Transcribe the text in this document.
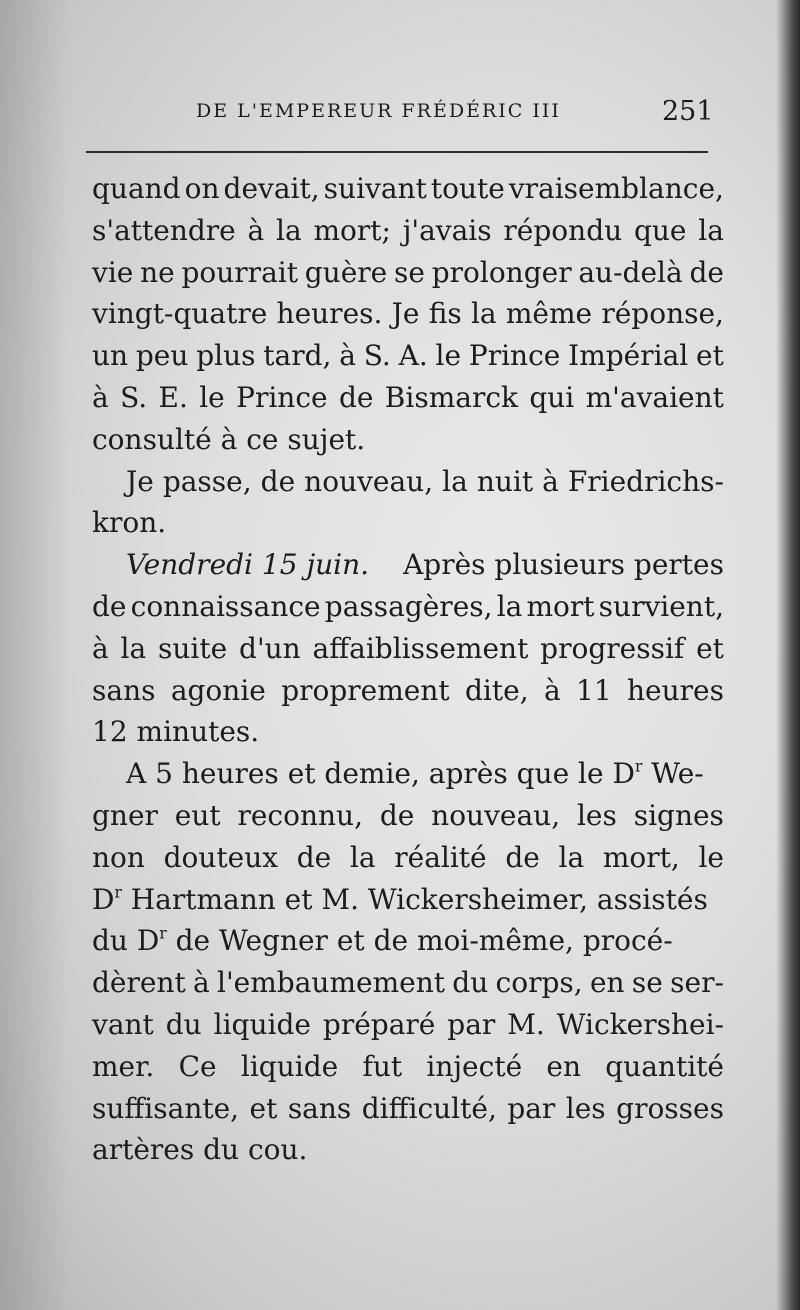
DE L'EMPEREUR FRÉDÉRIC III	251
quand on devait, suivant toute vraisemblance,
s'attendre à la mort; j'avais répondu que la
vie ne pourrait guère se prolonger au-delà de
vingt-quatre heures. Je fis la même réponse,
un peu plus tard, à S. A. le Prince Impérial et
à S. E. le Prince de Bismarck qui m'avaient
consulté à ce sujet.
Je passe, de nouveau, la nuit à Friedrichs-
kron.
Vendredi 15 juin. Après plusieurs pertes
de connaissance passagères, la mort survient,
à la suite d'un affaiblissement progressif et
sans agonie proprement dite, à 11 heures
12 minutes.
A 5 heures et demie, après que le $D^r$ We-
gner eut reconnu, de nouveau, les signes
non douteux de la réalité de la mort, le
$D^r$ Hartmann et M. Wickersheimer, assistés
du $D^r$ de Wegner et de moi-même, procé-
dèrent à l'embaumement du corps, en se ser-
vant du liquide préparé par M. Wickershei-
mer. Ce liquide fut injecté en quantité
suffisante, et sans difficulté, par les grosses
artères du cou.
